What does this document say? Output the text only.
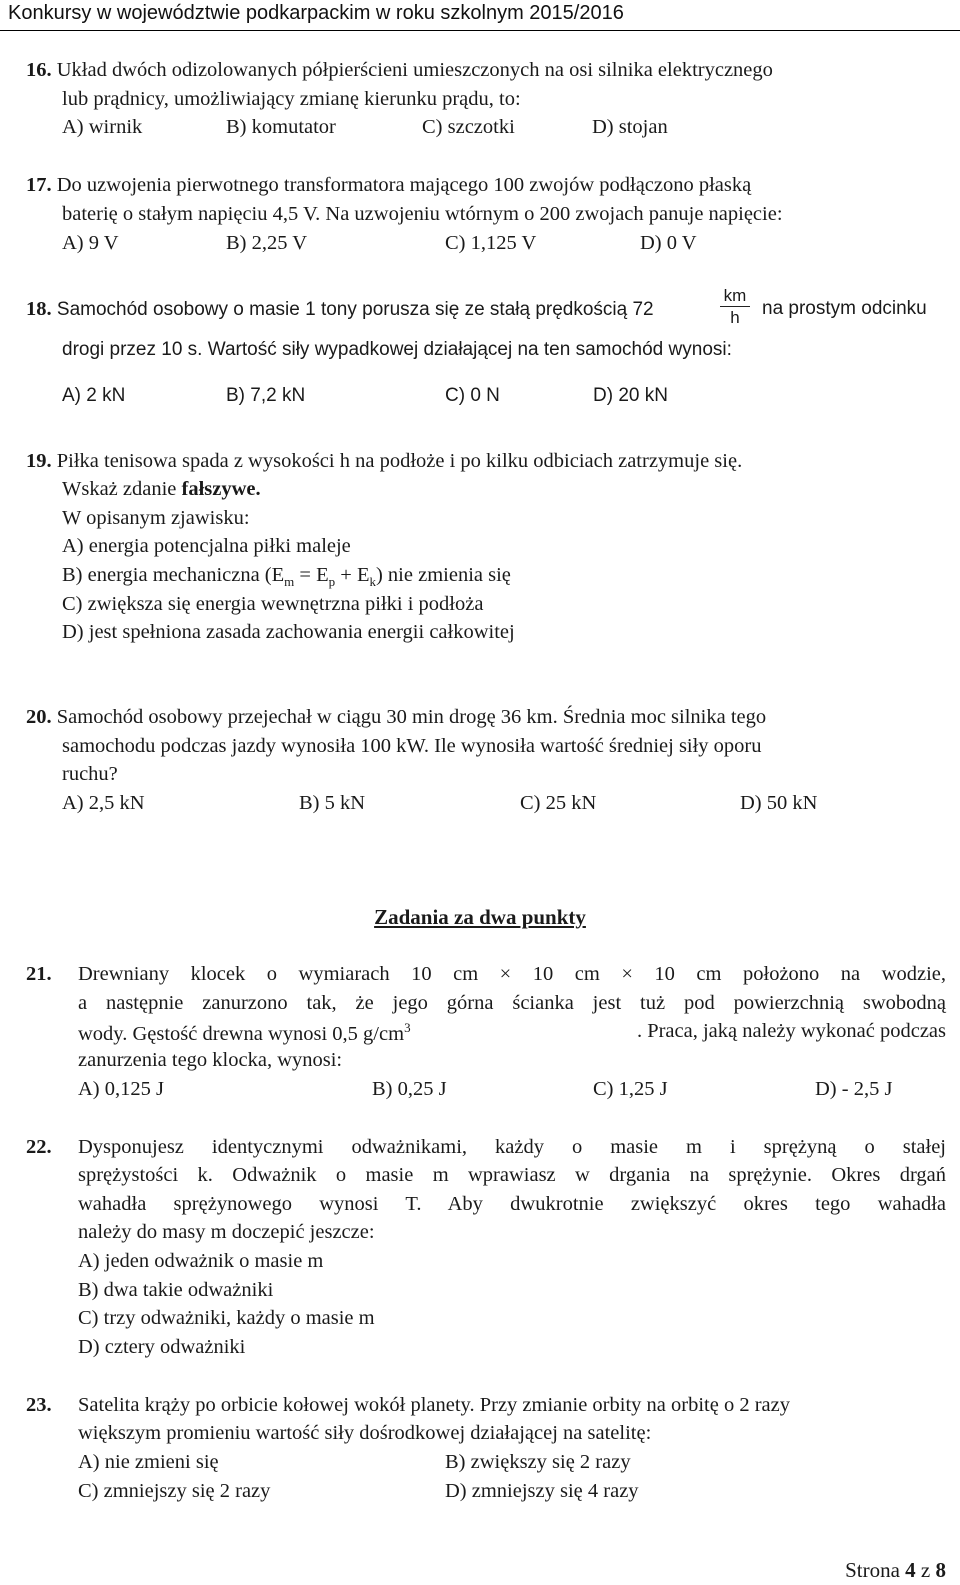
Konkursy w województwie podkarpackim w roku szkolnym 2015/2016
16. Układ dwóch odizolowanych półpierścieni umieszczonych na osi silnika elektrycznego
lub prądnicy, umożliwiający zmianę kierunku prądu, to:
A) wirnik	B) komutator	C) szczotki	D) stojan
17. Do uzwojenia pierwotnego transformatora mającego 100 zwojów podłączono płaską
baterię o stałym napięciu 4,5 V. Na uzwojeniu wtórnym o 200 zwojach panuje napięcie:
A) 9 V	B) 2,25 V	C) 1,125 V	D) 0 V
18. Samochód osobowy o masie 1 tony porusza się ze stałą prędkością 72
km
h	na prostym odcinku
drogi przez 10 s. Wartość siły wypadkowej działającej na ten samochód wynosi:
A) 2 kN	B) 7,2 kN	C) 0 N	D) 20 kN
19. Piłka tenisowa spada z wysokości h na podłoże i po kilku odbiciach zatrzymuje się.
Wskaż zdanie fałszywe.
W opisanym zjawisku:
A) energia potencjalna piłki maleje
B) energia mechaniczna $(E_m = E_p + E_k)$ nie zmienia się
C) zwiększa się energia wewnętrzna piłki i podłoża
D) jest spełniona zasada zachowania energii całkowitej
20. Samochód osobowy przejechał w ciągu 30 min drogę 36 km. Średnia moc silnika tego
samochodu podczas jazdy wynosiła 100 kW. Ile wynosiła wartość średniej siły oporu
ruchu?
A) 2,5 kN	B) 5 kN	C) 25 kN	D) 50 kN
Zadania za dwa punkty
21. Drewniany klocek o wymiarach 10 cm × 10 cm × 10 cm położono na wodzie,
a następnie zanurzono tak, że jego górna ścianka jest tuż pod powierzchnią swobodną
wody. Gęstość drewna wynosi 0,5 $g/cm^3$	. Praca, jaką należy wykonać podczas
zanurzenia tego klocka, wynosi:
A) 0,125 J	B) 0,25 J	C) 1,25 J	D) - 2,5 J
22. Dysponujesz identycznymi odważnikami, każdy o masie m i sprężyną o stałej
sprężystości k. Odważnik o masie m wprawiasz w drgania na sprężynie. Okres drgań
wahadła sprężynowego wynosi T. Aby dwukrotnie zwiększyć okres tego wahadła
należy do masy m doczepić jeszcze:
A) jeden odważnik o masie m
B) dwa takie odważniki
C) trzy odważniki, każdy o masie m
D) cztery odważniki
23. Satelita krąży po orbicie kołowej wokół planety. Przy zmianie orbity na orbitę o 2 razy
większym promieniu wartość siły dośrodkowej działającej na satelitę:
A) nie zmieni się	B) zwiększy się 2 razy
C) zmniejszy się 2 razy	D) zmniejszy się 4 razy
Strona 4 z 8
